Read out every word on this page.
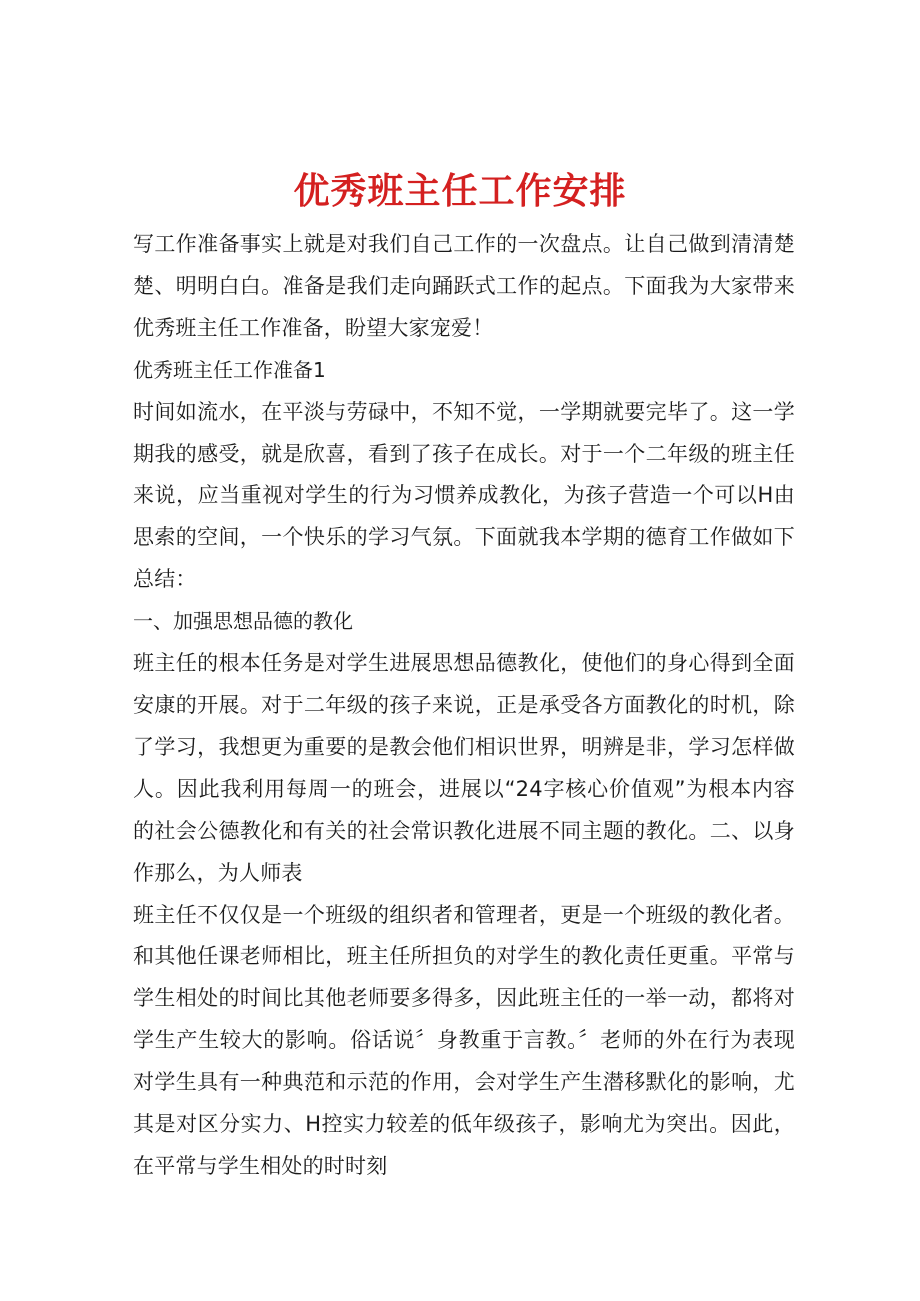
优秀班主任工作安排

写工作准备事实上就是对我们自己工作的一次盘点。让自己做到清清楚楚、明明白白。准备是我们走向踊跃式工作的起点。下面我为大家带来优秀班主任工作准备，盼望大家宠爱！

优秀班主任工作准备1

时间如流水，在平淡与劳碌中，不知不觉，一学期就要完毕了。这一学期我的感受，就是欣喜，看到了孩子在成长。对于一个二年级的班主任来说，应当重视对学生的行为习惯养成教化，为孩子营造一个可以H由思索的空间，一个快乐的学习气氛。下面就我本学期的德育工作做如下总结：

一、加强思想品德的教化

班主任的根本任务是对学生进展思想品德教化，使他们的身心得到全面安康的开展。对于二年级的孩子来说，正是承受各方面教化的时机，除了学习，我想更为重要的是教会他们相识世界，明辨是非，学习怎样做人。因此我利用每周一的班会，进展以“24字核心价值观”为根本内容的社会公德教化和有关的社会常识教化进展不同主题的教化。二、以身作那么，为人师表

班主任不仅仅是一个班级的组织者和管理者，更是一个班级的教化者。和其他任课老师相比，班主任所担负的对学生的教化责任更重。平常与学生相处的时间比其他老师要多得多，因此班主任的一举一动，都将对学生产生较大的影响。俗话说〞身教重于言教。〞老师的外在行为表现对学生具有一种典范和示范的作用，会对学生产生潜移默化的影响，尤其是对区分实力、H控实力较差的低年级孩子，影响尤为突出。因此，在平常与学生相处的时时刻
